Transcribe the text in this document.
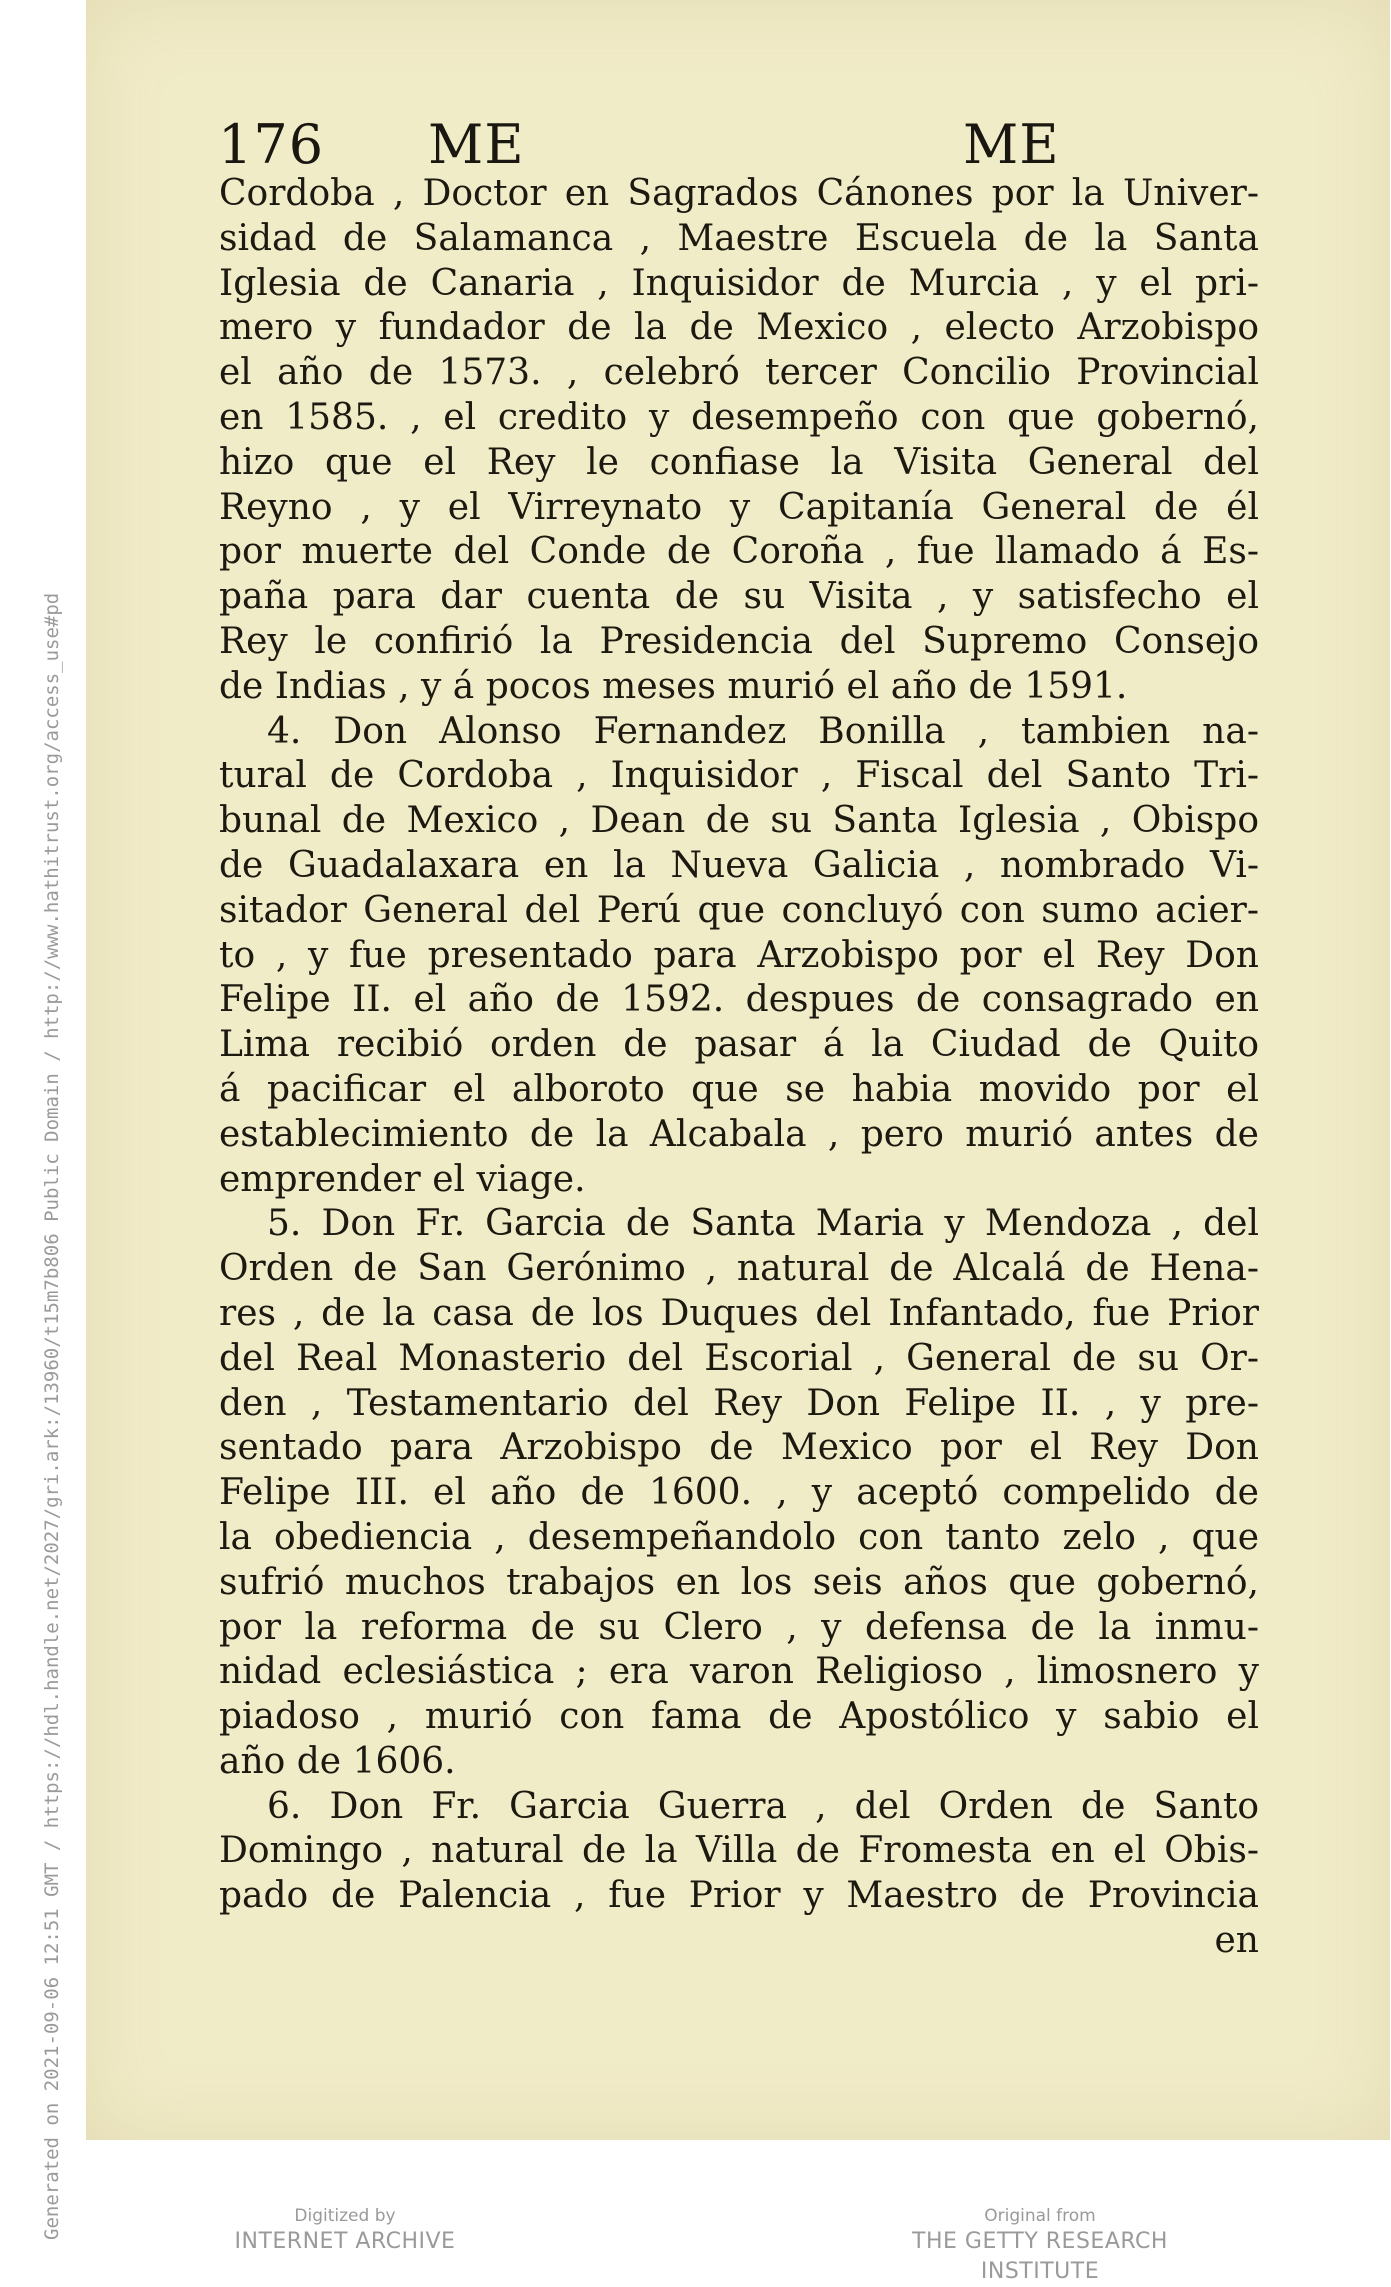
Generated on 2021-09-06 12:51 GMT / https://hdl.handle.net/2027/gri.ark:/13960/t15m7b806 Public Domain / http://www.hathitrust.org/access_use#pd
176 ME	ME
Cordoba , Doctor en Sagrados Cánones por la Univer-
sidad de Salamanca , Maestre Escuela de la Santa
Iglesia de Canaria , Inquisidor de Murcia , y el pri-
mero y fundador de la de Mexico , electo Arzobispo
el año de 1573. , celebró tercer Concilio Provincial
en 1585. , el credito y desempeño con que gobernó,
hizo que el Rey le confiase la Visita General del
Reyno , y el Virreynato y Capitanía General de él
por muerte del Conde de Coroña , fue llamado á Es-
paña para dar cuenta de su Visita , y satisfecho el
Rey le confirió la Presidencia del Supremo Consejo
de Indias , y á pocos meses murió el año de 1591.
4. Don Alonso Fernandez Bonilla , tambien na-
tural de Cordoba , Inquisidor , Fiscal del Santo Tri-
bunal de Mexico , Dean de su Santa Iglesia , Obispo
de Guadalaxara en la Nueva Galicia , nombrado Vi-
sitador General del Perú que concluyó con sumo acier-
to , y fue presentado para Arzobispo por el Rey Don
Felipe II. el año de 1592. despues de consagrado en
Lima recibió orden de pasar á la Ciudad de Quito
á pacificar el alboroto que se habia movido por el
establecimiento de la Alcabala , pero murió antes de
emprender el viage.
5. Don Fr. Garcia de Santa Maria y Mendoza , del
Orden de San Gerónimo , natural de Alcalá de Hena-
res , de la casa de los Duques del Infantado, fue Prior
del Real Monasterio del Escorial , General de su Or-
den , Testamentario del Rey Don Felipe II. , y pre-
sentado para Arzobispo de Mexico por el Rey Don
Felipe III. el año de 1600. , y aceptó compelido de
la obediencia , desempeñandolo con tanto zelo , que
sufrió muchos trabajos en los seis años que gobernó,
por la reforma de su Clero , y defensa de la inmu-
nidad eclesiástica ; era varon Religioso , limosnero y
piadoso , murió con fama de Apostólico y sabio el
año de 1606.
6. Don Fr. Garcia Guerra , del Orden de Santo
Domingo , natural de la Villa de Fromesta en el Obis-
pado de Palencia , fue Prior y Maestro de Provincia
en
Digitized by
INTERNET ARCHIVE
Original from
THE GETTY RESEARCH INSTITUTE
